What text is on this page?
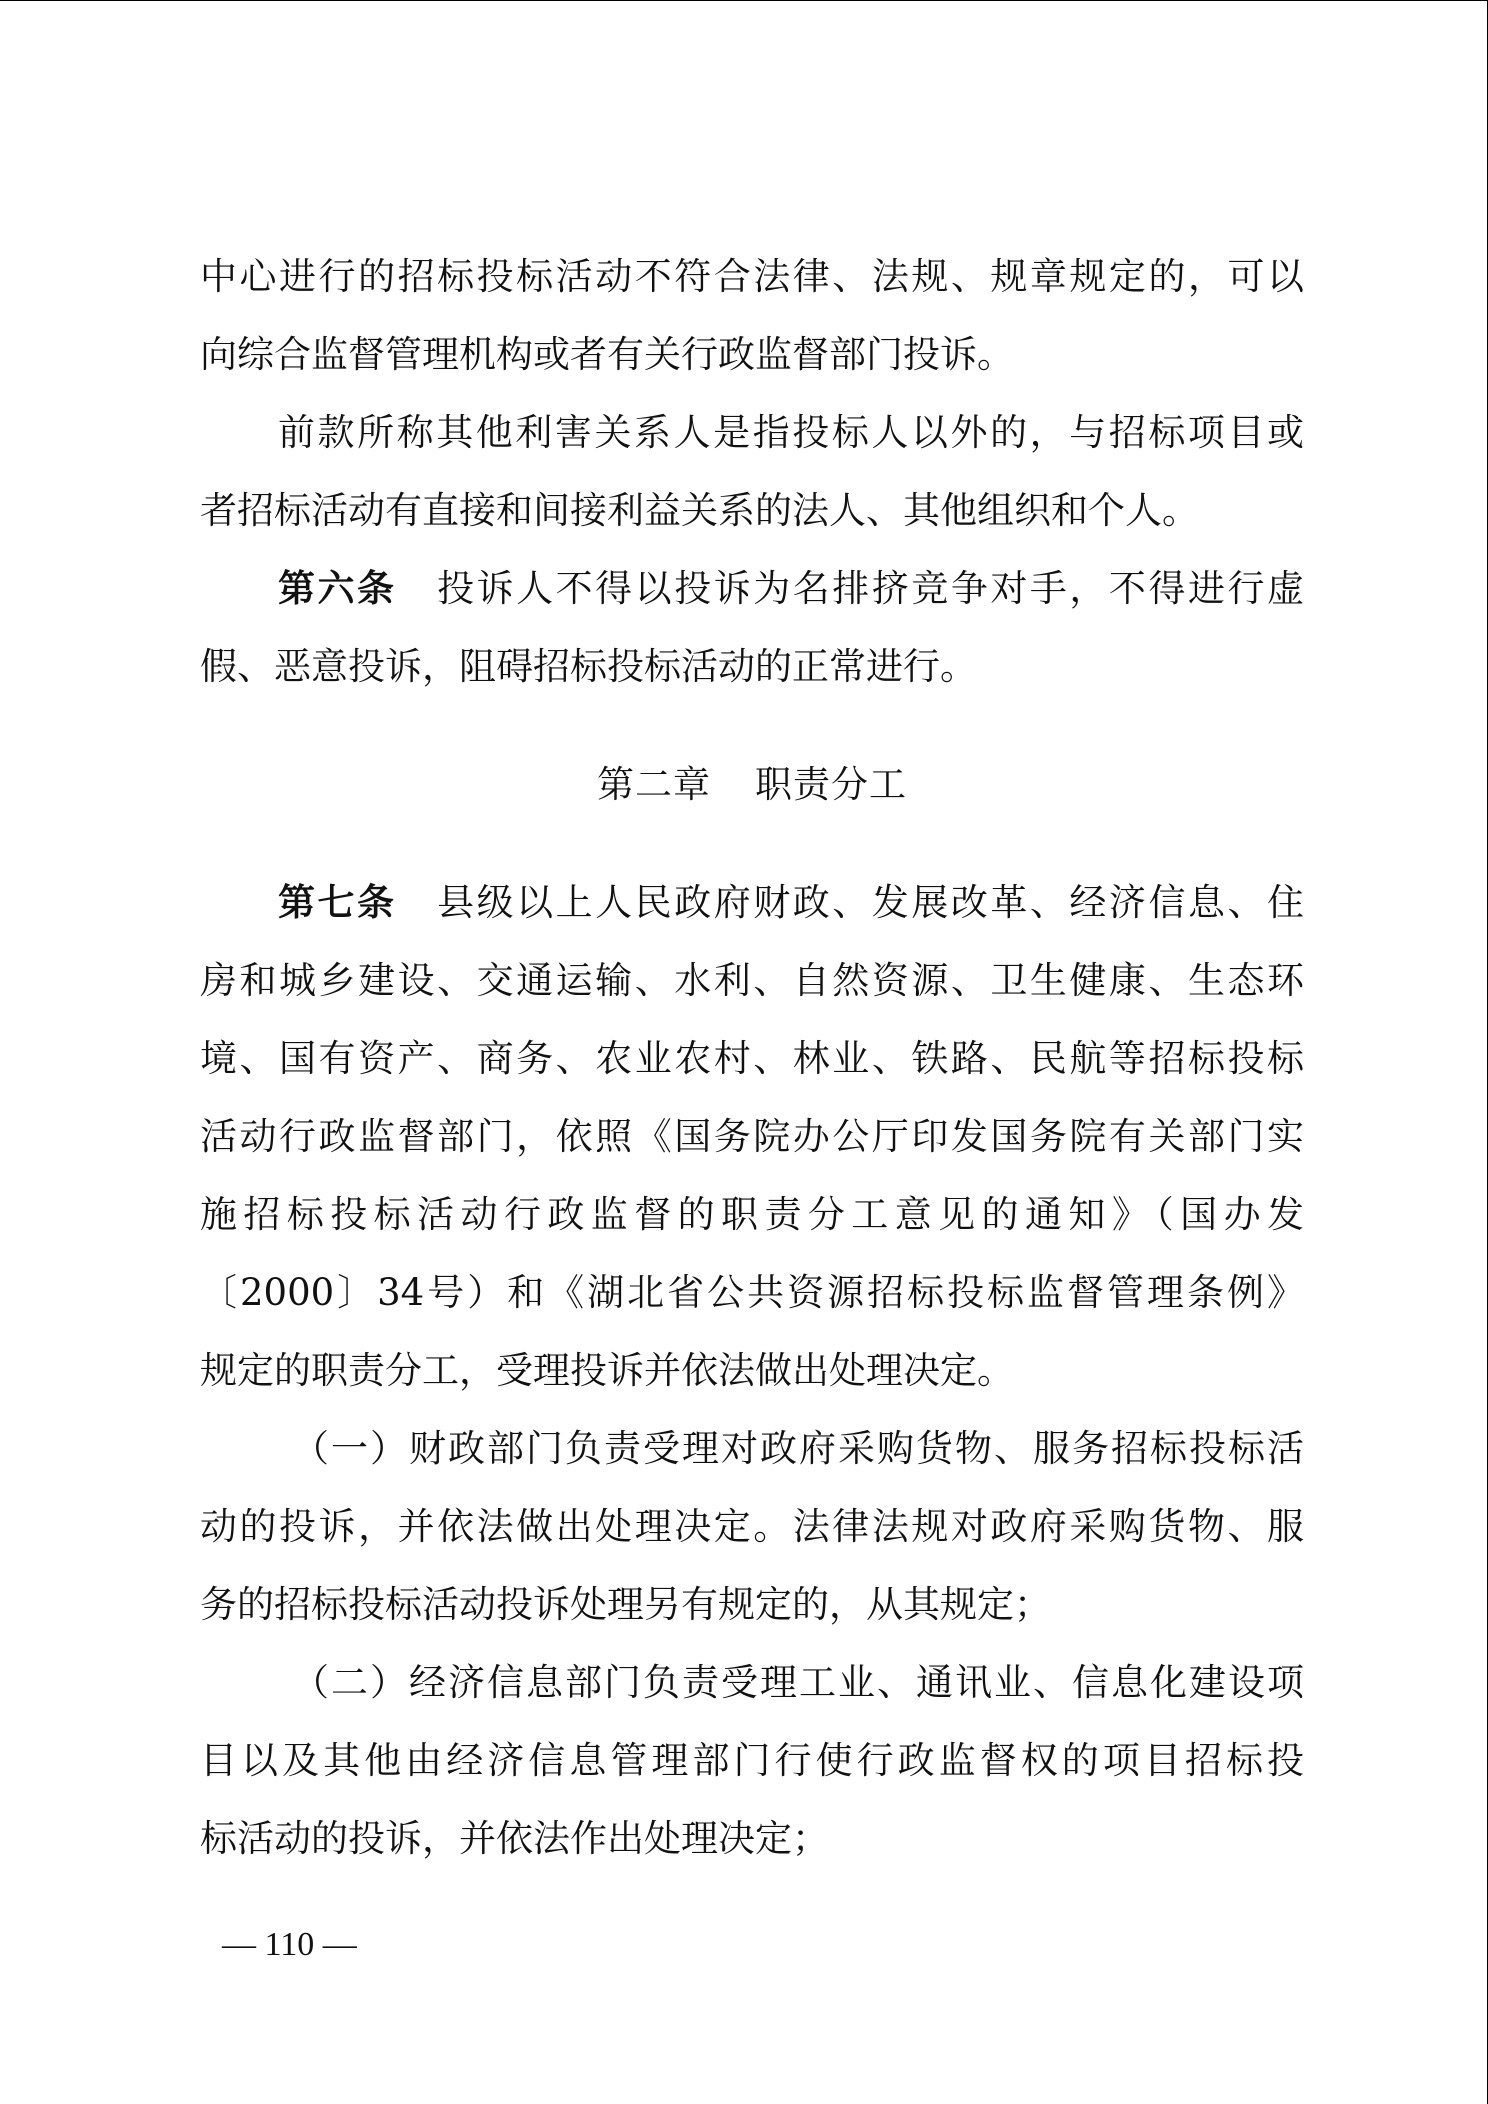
中心进行的招标投标活动不符合法律、法规、规章规定的，可以
向综合监督管理机构或者有关行政监督部门投诉。
前款所称其他利害关系人是指投标人以外的，与招标项目或
者招标活动有直接和间接利益关系的法人、其他组织和个人。
第六条 投诉人不得以投诉为名排挤竞争对手，不得进行虚
假、恶意投诉，阻碍招标投标活动的正常进行。
第二章 职责分工
第七条 县级以上人民政府财政、发展改革、经济信息、住
房和城乡建设、交通运输、水利、自然资源、卫生健康、生态环
境、国有资产、商务、农业农村、林业、铁路、民航等招标投标
活动行政监督部门，依照《国务院办公厅印发国务院有关部门实
施招标投标活动行政监督的职责分工意见的通知》（国办发
〔2000〕34号）和《湖北省公共资源招标投标监督管理条例》
规定的职责分工，受理投诉并依法做出处理决定。
（一）财政部门负责受理对政府采购货物、服务招标投标活
动的投诉，并依法做出处理决定。法律法规对政府采购货物、服
务的招标投标活动投诉处理另有规定的，从其规定；
（二）经济信息部门负责受理工业、通讯业、信息化建设项
目以及其他由经济信息管理部门行使行政监督权的项目招标投
标活动的投诉，并依法作出处理决定；
— 110 —
